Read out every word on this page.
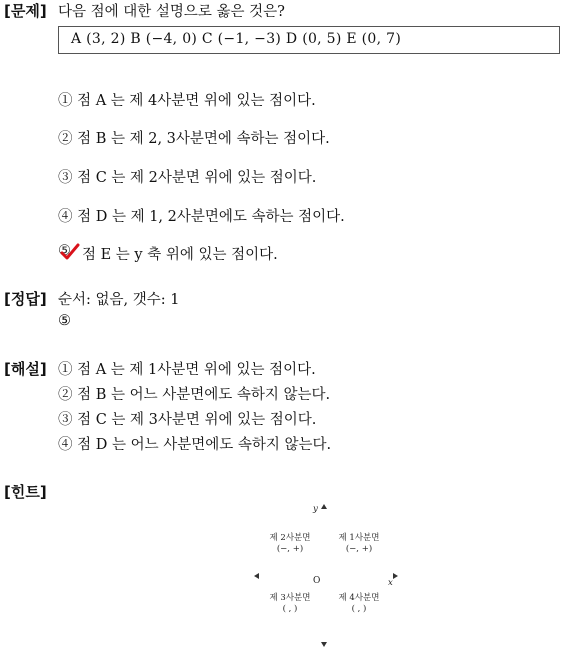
[문제] 다음 점에 대한 설명으로 옳은 것은?
A (3, 2) B (−4, 0) C (−1, −3) D (0, 5) E (0, 7)
① 점 A 는 제 4사분면 위에 있는 점이다.
② 점 B 는 제 2, 3사분면에 속하는 점이다.
③ 점 C 는 제 2사분면 위에 있는 점이다.
④ 점 D 는 제 1, 2사분면에도 속하는 점이다.
⑤ 점 E 는 y 축 위에 있는 점이다.
[정답] 순서: 없음, 갯수: 1
⑤
[해설] ① 점 A 는 제 1사분면 위에 있는 점이다.
② 점 B 는 어느 사분면에도 속하지 않는다.
③ 점 C 는 제 3사분면 위에 있는 점이다.
④ 점 D 는 어느 사분면에도 속하지 않는다.
[힌트]
y
x
O
제 2사분면
(−, +)
제 1사분면
(−, +)
제 3사분면
( , )
제 4사분면
( , )
